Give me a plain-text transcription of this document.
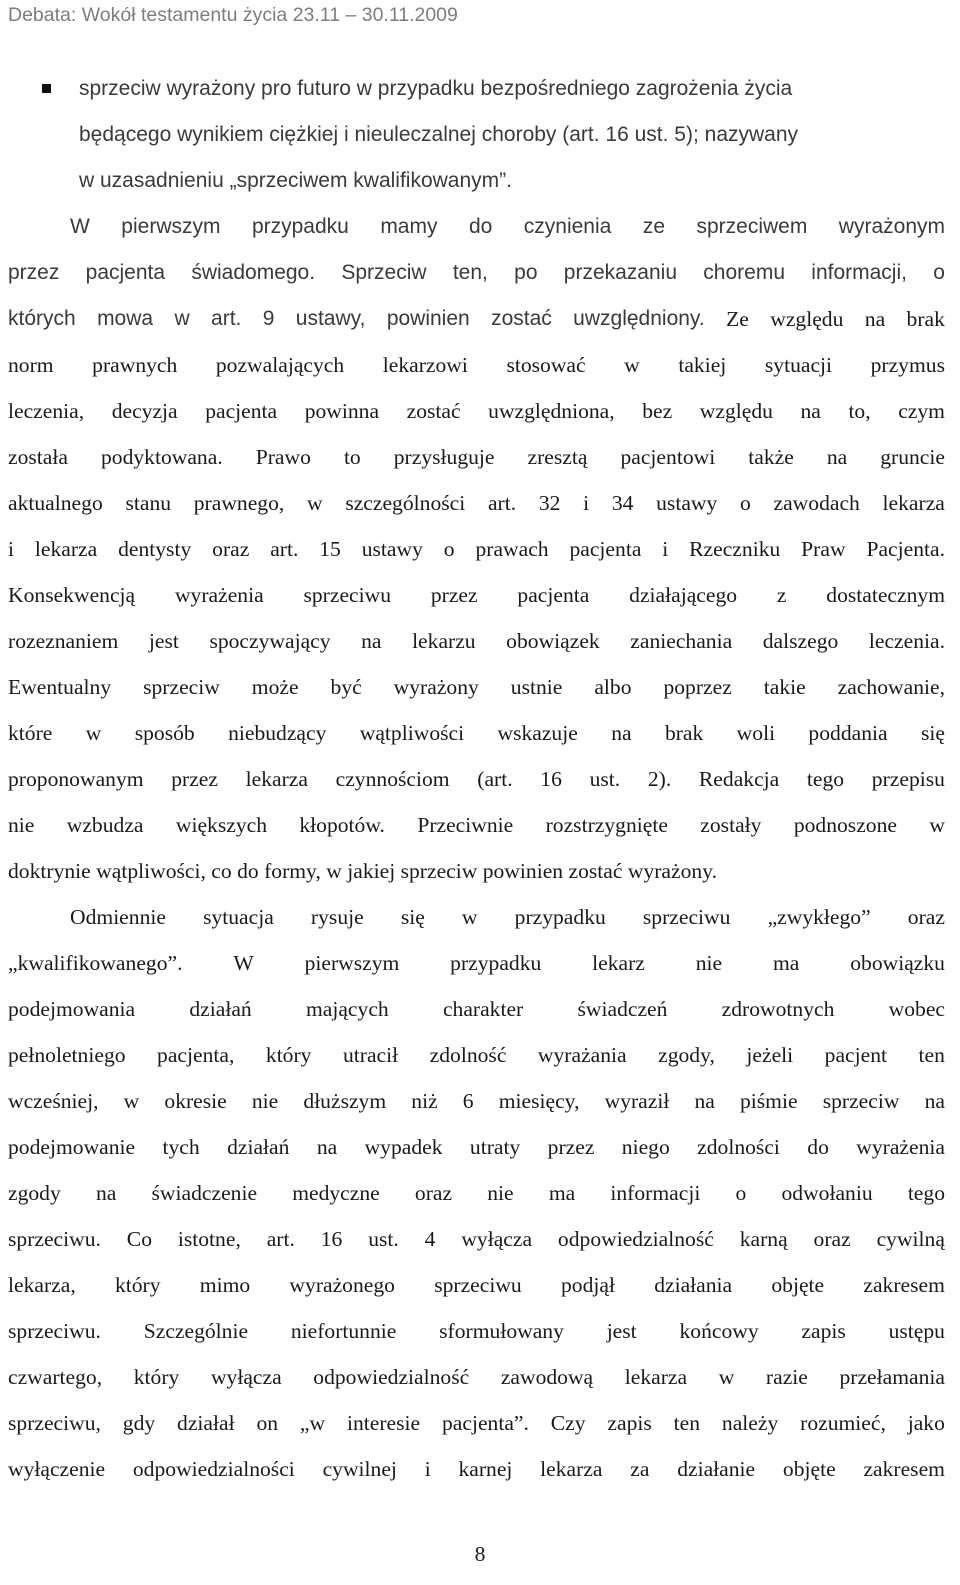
Debata: Wokół testamentu życia 23.11 – 30.11.2009
sprzeciw wyrażony pro futuro w przypadku bezpośredniego zagrożenia życia
będącego wynikiem ciężkiej i nieuleczalnej choroby (art. 16 ust. 5); nazywany
w uzasadnieniu „sprzeciwem kwalifikowanym”.
W pierwszym przypadku mamy do czynienia ze sprzeciwem wyrażonym
przez pacjenta świadomego. Sprzeciw ten, po przekazaniu choremu informacji, o
których mowa w art. 9 ustawy, powinien zostać uwzględniony. Ze względu na brak
norm prawnych pozwalających lekarzowi stosować w takiej sytuacji przymus
leczenia, decyzja pacjenta powinna zostać uwzględniona, bez względu na to, czym
została podyktowana. Prawo to przysługuje zresztą pacjentowi także na gruncie
aktualnego stanu prawnego, w szczególności art. 32 i 34 ustawy o zawodach lekarza
i lekarza dentysty oraz art. 15 ustawy o prawach pacjenta i Rzeczniku Praw Pacjenta.
Konsekwencją wyrażenia sprzeciwu przez pacjenta działającego z dostatecznym
rozeznaniem jest spoczywający na lekarzu obowiązek zaniechania dalszego leczenia.
Ewentualny sprzeciw może być wyrażony ustnie albo poprzez takie zachowanie,
które w sposób niebudzący wątpliwości wskazuje na brak woli poddania się
proponowanym przez lekarza czynnościom (art. 16 ust. 2). Redakcja tego przepisu
nie wzbudza większych kłopotów. Przeciwnie rozstrzygnięte zostały podnoszone w
doktrynie wątpliwości, co do formy, w jakiej sprzeciw powinien zostać wyrażony.
Odmiennie sytuacja rysuje się w przypadku sprzeciwu „zwykłego” oraz
„kwalifikowanego”. W pierwszym przypadku lekarz nie ma obowiązku
podejmowania	działań	mających	charakter	świadczeń	zdrowotnych	wobec
pełnoletniego pacjenta, który utracił zdolność wyrażania zgody, jeżeli pacjent ten
wcześniej, w okresie nie dłuższym niż 6 miesięcy, wyraził na piśmie sprzeciw na
podejmowanie tych działań na wypadek utraty przez niego zdolności do wyrażenia
zgody na świadczenie medyczne oraz nie ma informacji o odwołaniu tego
sprzeciwu. Co istotne, art. 16 ust. 4 wyłącza odpowiedzialność karną oraz cywilną
lekarza, który mimo wyrażonego sprzeciwu podjął działania objęte zakresem
sprzeciwu. Szczególnie niefortunnie sformułowany jest końcowy zapis ustępu
czwartego, który wyłącza odpowiedzialność zawodową lekarza w razie przełamania
sprzeciwu, gdy działał on „w interesie pacjenta”. Czy zapis ten należy rozumieć, jako
wyłączenie odpowiedzialności cywilnej i karnej lekarza za działanie objęte zakresem
8
